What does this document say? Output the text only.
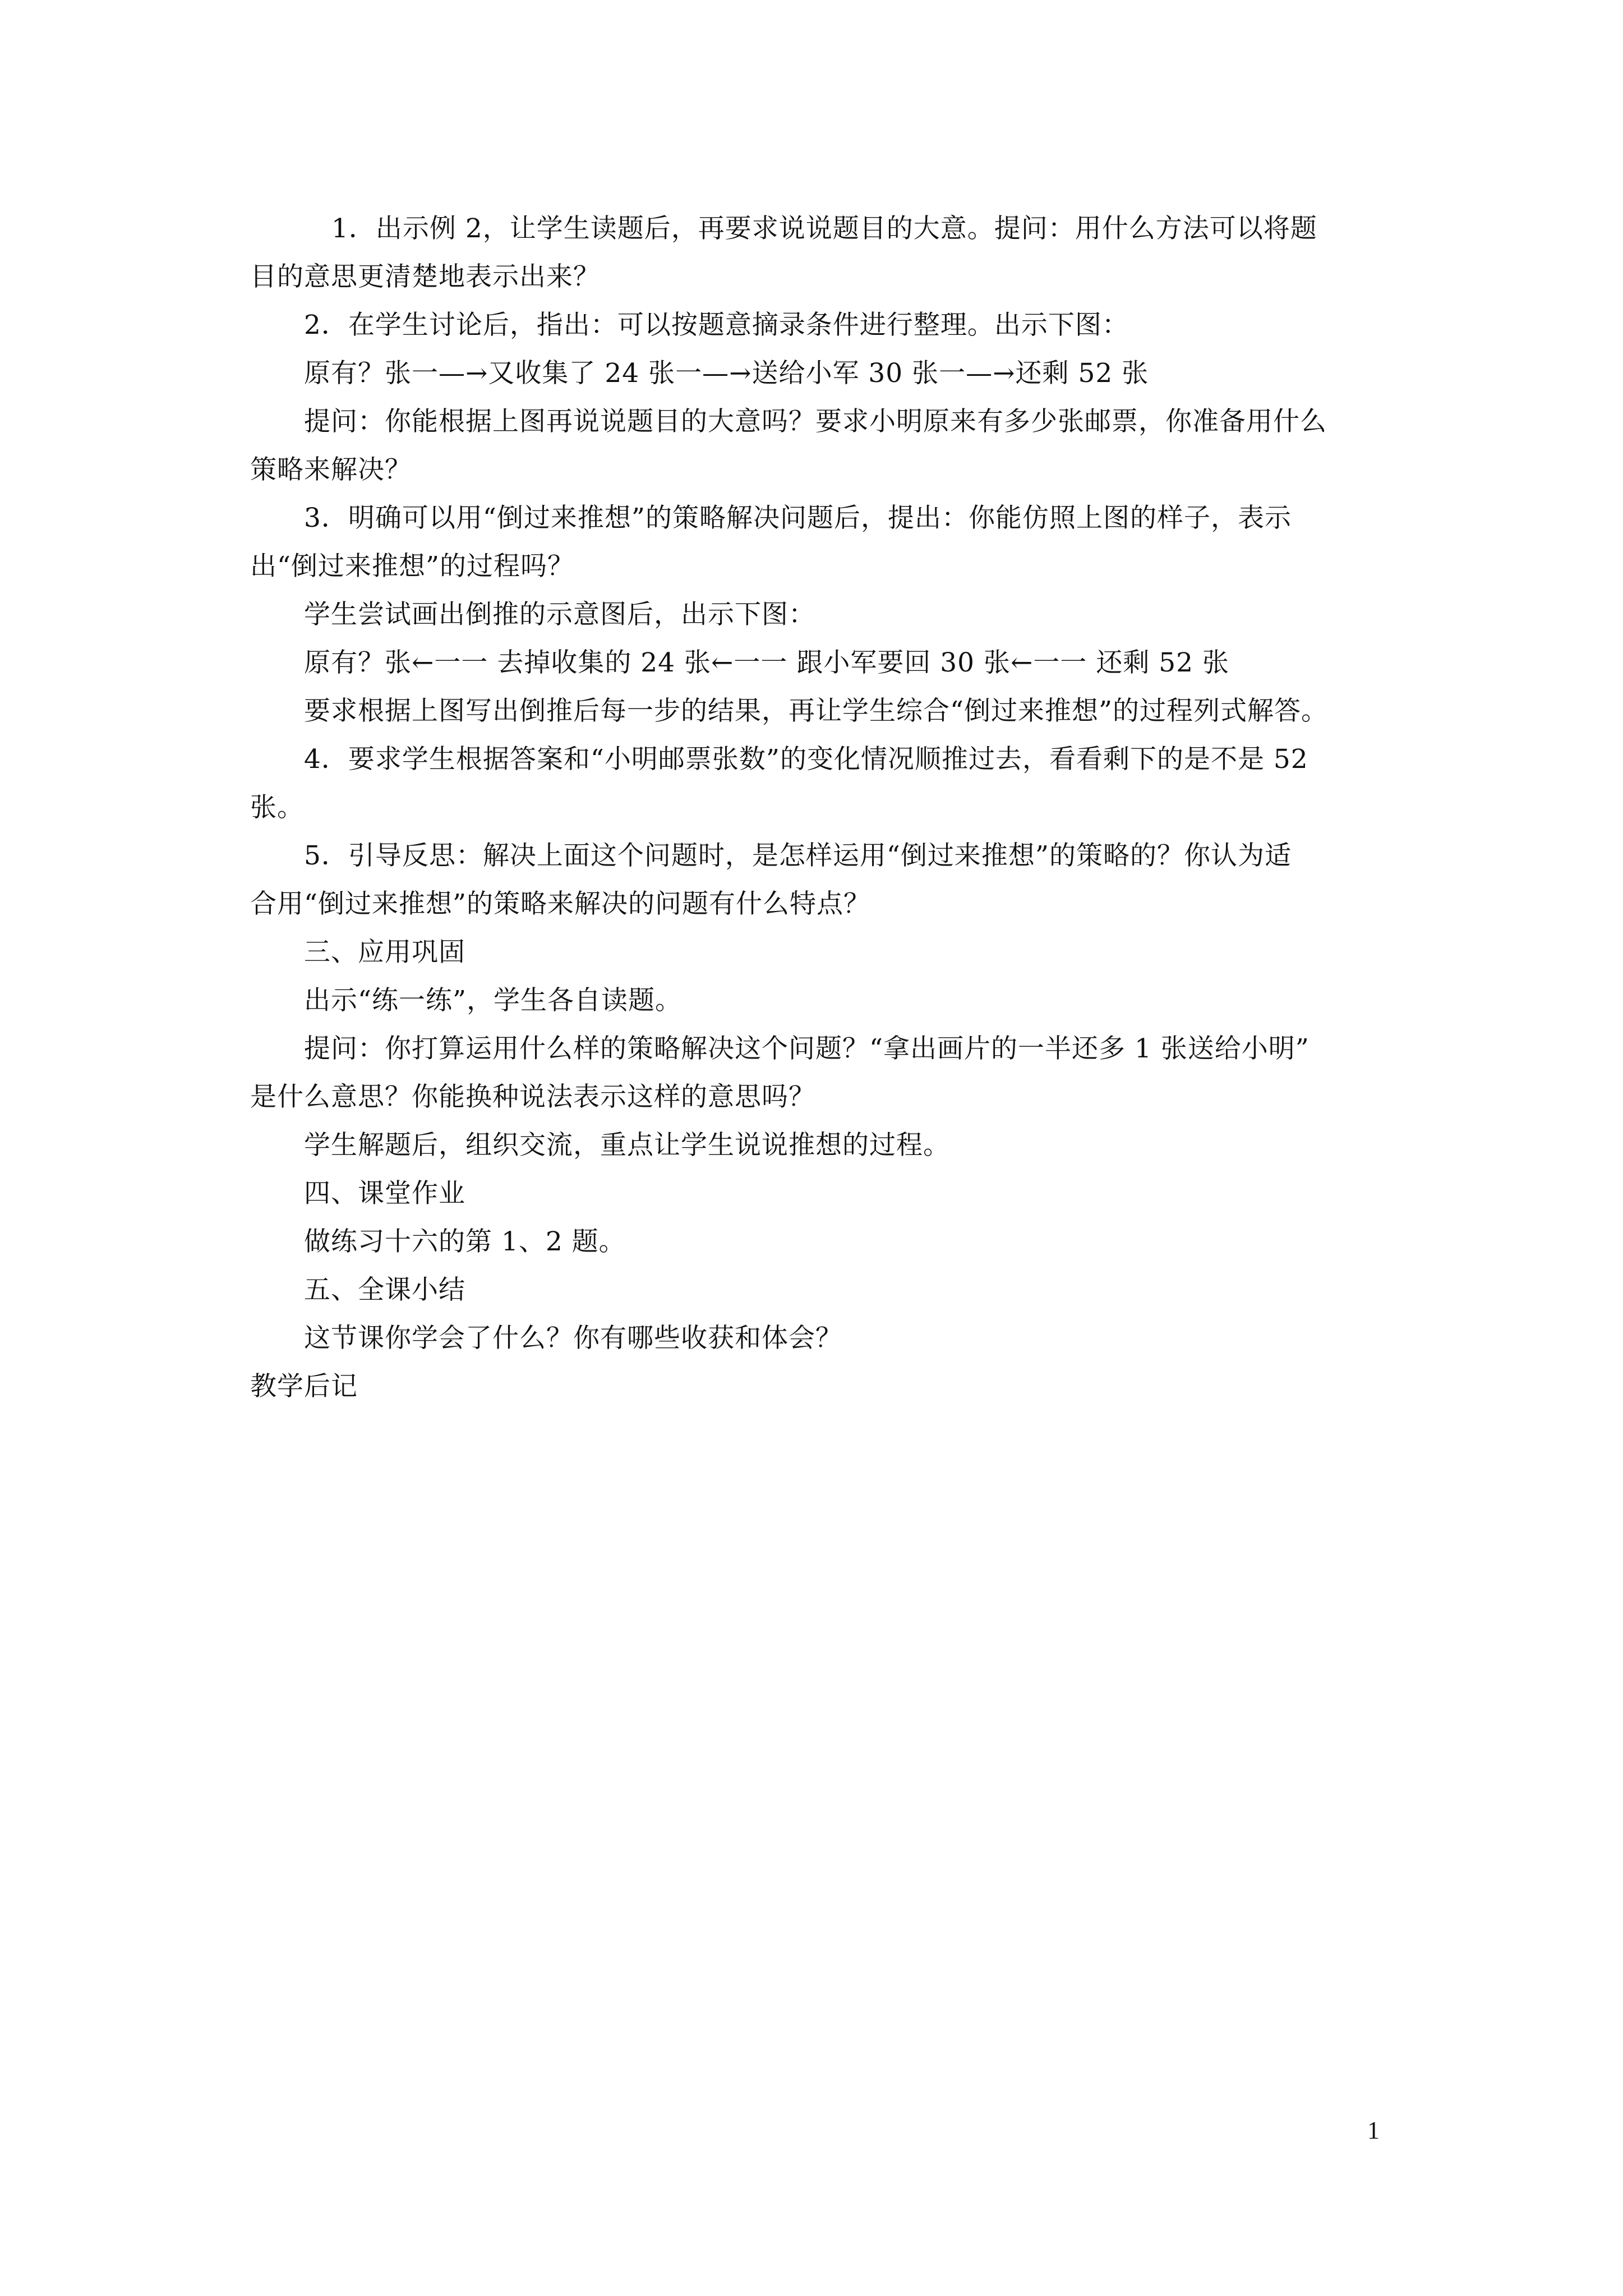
1．出示例 2，让学生读题后，再要求说说题目的大意。提问：用什么方法可以将题
目的意思更清楚地表示出来？
2．在学生讨论后，指出：可以按题意摘录条件进行整理。出示下图：
原有？张一—→又收集了 24 张一—→送给小军 30 张一—→还剩 52 张
提问：你能根据上图再说说题目的大意吗？要求小明原来有多少张邮票，你准备用什么
策略来解决？
3．明确可以用“倒过来推想”的策略解决问题后，提出：你能仿照上图的样子，表示
出“倒过来推想”的过程吗？
学生尝试画出倒推的示意图后，出示下图：
原有？张←一一 去掉收集的 24 张←一一 跟小军要回 30 张←一一 还剩 52 张
要求根据上图写出倒推后每一步的结果，再让学生综合“倒过来推想”的过程列式解答。
4．要求学生根据答案和“小明邮票张数”的变化情况顺推过去，看看剩下的是不是 52
张。
5．引导反思：解决上面这个问题时，是怎样运用“倒过来推想”的策略的？你认为适
合用“倒过来推想”的策略来解决的问题有什么特点？
三、应用巩固
出示“练一练”，学生各自读题。
提问：你打算运用什么样的策略解决这个问题？“拿出画片的一半还多 1 张送给小明”
是什么意思？你能换种说法表示这样的意思吗？
学生解题后，组织交流，重点让学生说说推想的过程。
四、课堂作业
做练习十六的第 1、2 题。
五、全课小结
这节课你学会了什么？你有哪些收获和体会？
教学后记
1
